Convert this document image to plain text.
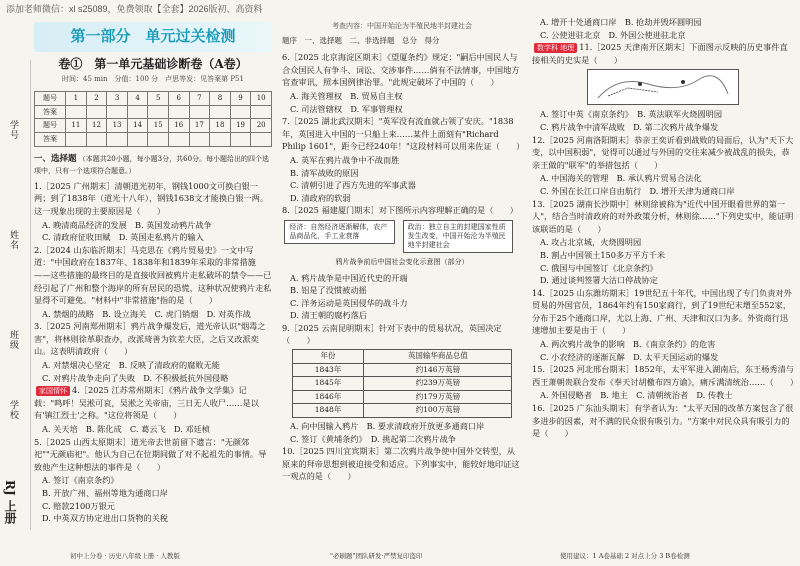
添加老师微信：xl s25089，免费领取【全套】2026版初、高资料
学号
姓名
班级
学校
RJ 上册
第一部分　单元过关检测
卷①　第一单元基础诊断卷（A卷）
时间：45 min　分值：100 分　卢思等发：见答案第 P51
题号	1	2	3	4	5	6	7	8	9	10
答案										
题号	11	12	13	14	15	16	17	18	19	20
答案										
一、选择题 （本题共20小题，每小题3分，共60分。每小题给出的四个选项中，只有一个选项符合题意。）
1.［2025 广州期末］清朝道光初年，钢钱1000文可换白银一两；到了1838年（道光十八年），钢钱1638文才能换白银一两。这一现象出现的主要原因是（　　）
A. 晚清商品经济的发展　 B. 英国发动鸦片战争
C. 清政府征收田赋　 D. 英国走私鸦片的输入
2.［2024 山东临沂期末］马克思在《鸦片贸易史》一文中写道："中国政府在1837年、1838年和1839年采取的非常措施——这些措施的最终目的是直接收回被鸦片走私破坏的禁令——已经引起了广州和整个海岸的所有居民的恐慌，这种状况使鸦片走私显得不可避免。"材料中"非常措施"指的是（　　）
A. 禁烟的战略　 B. 设立海关　 C. 虎门销烟　 D. 对英作战
3.［2025 河南郑州期末］鸦片战争爆发后，道光帝认识"烟毒之害"，将林则徐革职查办，改派琦善为钦差大臣，之后又改派奕山。这表明清政府（　　）
A. 对禁烟决心坚定　 B. 反映了清政府的腐败无能
C. 对鸦片战争走向了失败　 D. 不积极抵抗外国侵略
家国情怀 4.［2025 江苏常州期末］《鸦片战争文学集》记载："鸣呼！吴淞可哀，吴淞之关帝庙，三日无人收尸……是以有'镇江烈士'之称。"这位将领是（　　）
A. 关天培　 B. 陈化成　 C. 葛云飞　 D. 邓廷桢
5.［2025 山西太原期末］道光帝去世前留下遗言："无颜郊祀""无颜庙祀"。他认为自己在位期间做了对不起祖先的事情。导致他产生这种想法的事件是（　　）
A. 签订《南京条约》
B. 开放广州、福州等地为通商口岸
C. 赔款2100万银元
D. 中英双方协定进出口货物的关税
初中上分卷 · 历史八年级上册 · 人教版
考查内容：中国开始沦为半殖民地半封建社会
题序　一、选择题　二、非选择题　总分　得分
6.［2025 北京海淀区期末］《望厦条约》规定："嗣后中国民人与合众国民人有争斗、词讼、交涉事件……倘有不法情事，中国地方官查审讯，照本国例律治罪。"此规定破坏了中国的（　　）
A. 海关管理权　 B. 贸易自主权
C. 司法管辖权　 D. 军事管理权
7.［2025 湖北武汉期末］"英军没有流血就占领了安庆。"1838年，英国进入中国的一只船上来……某件上面刻有"Richard Philip 1601"，距今已经240年！"这段材料可以用来佐证（　　）
A. 英军在鸦片战争中不战而胜
B. 清军战败的原因
C. 清朝引进了西方先进的军事武器
D. 清政府的软弱
8.［2025 福建厦门期末］对下图所示内容理解正确的是（　　）
经济：自然经济逐渐解体，农产品商品化，手工业衰落 政治：独立自主的封建国家性质发生改变，中国开始沦为半殖民地半封建社会
鸦片战争前后中国社会变化示意图（部分）
A. 鸦片战争是中国近代史的开端
B. 铝是了没惯被动摇
C. 洋务运动是英国侵华的战斗力
D. 清王朝的腐朽落后
9.［2025 云南昆明期末］针对下表中的贸易状况，英国决定（　　）
年份	英国输华商品总值
1843年	约146万英镑
1845年	约239万英镑
1846年	约179万英镑
1848年	约100万英镑
A. 向中国输入鸦片　 B. 要求清政府开放更多通商口岸
C. 签订《黄埔条约》　 D. 挑起第二次鸦片战争
10.［2025 四川宜宾期末］第二次鸦片战争使中国外交转型，从原来的拜帝思想到被迫接受和适应。下列事实中，能较好地印证这一观点的是（　　）
"必刷题"团队研发·严禁复印盗印
A. 增开十处通商口岸　 B. 抢劫并毁坏圆明园
C. 公使进驻北京　 D. 外国公使进驻北京
数学科 地理 11.［2025 天津南开区期末］下面图示反映的历史事件直接相关的史实是（　　）
A. 签订中英《南京条约》　 B. 英法联军火烧圆明园
C. 鸦片战争中清军战败　 D. 第二次鸦片战争爆发
12.［2025 河南洛阳期末］恭亲王奕䜣看到战败的局面后，认为"天下大变，以中国积弱"，觉得可以通过与外国的交往来减少被战乱的损失，恭亲王做的"联军"的举措包括（　　）
A. 中国海关的管理　 B. 承认鸦片贸易合法化
C. 外国在长江口岸自由航行　 D. 增开天津为通商口岸
13.［2025 湖南长沙期中］林则徐被称为"近代中国开眼看世界的第一人"，结合当时清政府的对外政策分析，林则徐……"下列史实中，能证明该联语的是（　　）
A. 攻占北京城，火烧圆明园
B. 割占中国领土150多万平方千米
C. 俄国与中国签订《北京条约》
D. 通过谈判签署大沽口停战协定
14.［2025 山东潍坊期末］19世纪五十年代，中国出现了专门负责对外贸易的外国官员，1864年约有150家商行，到了19世纪末增至552家，分布于25个通商口岸，尤以上海、广州、天津和汉口为多。外资商行迅速增加主要是由于（　　）
A. 两次鸦片战争的影响　 B.《南京条约》的危害
C. 小农经济的逐渐瓦解　 D. 太平天国运动的爆发
15.［2025 河北邢台期末］1852年，太平军进入湖南后，东王杨秀清与西王萧朝贵联合发布《奉天讨胡檄布四方谕》，痛斥满清统治……（　　）
A. 外国侵略者　 B. 地主　 C. 清朝统治者　 D. 传教士
16.［2025 广东汕头期末］有学者认为："太平天国的改革方案包含了很多进步的因素，对不满的民众很有吸引力。"方案中对民众具有吸引力的是（　　）
使用建议：1 A卷基础 2 对点上分 3 B卷检测
